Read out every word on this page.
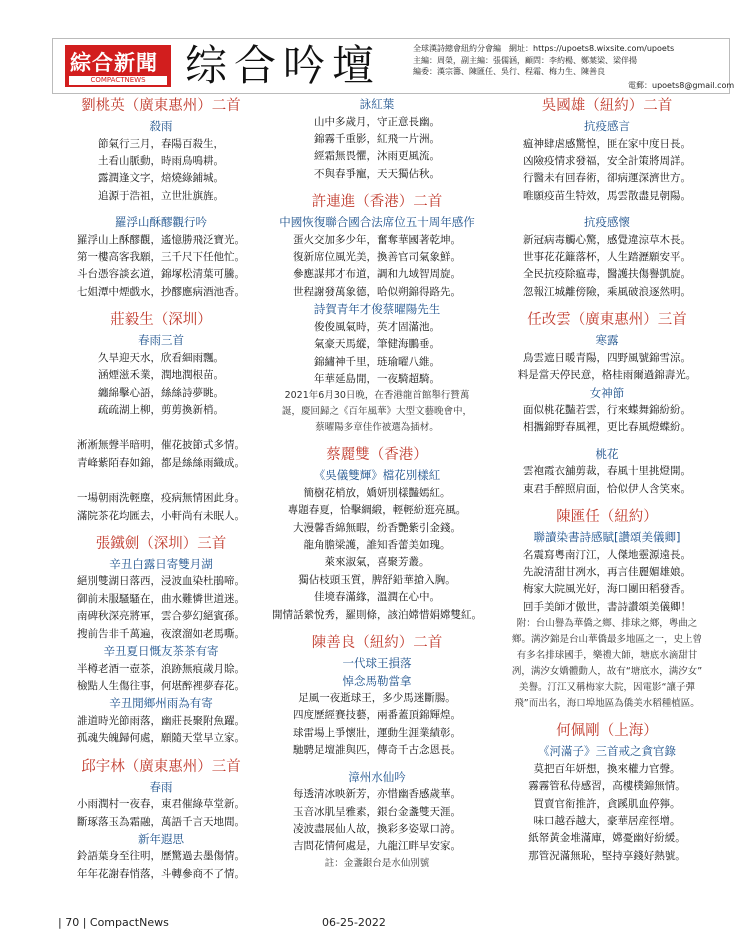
綜合新聞
COMPACTNEWS 综合吟壇	全球漢詩總會紐約分會編　網址：https://upoets8.wixsite.com/upoets
主編：周榮，副主編：張儒涵，顧問：李約楊、鄭葉梁、梁伴揚
編委：漢宗籌、陳匯任、吳行、程霜、梅力生、陳善良
電郵：upoets8@gmail.com
劉桃英（廣東惠州）二首
殺雨
節氣行三月，春陽百殺生，
土看山脈動，時雨鳥鳴耕。
露潤逢文字，焙燒綠鋪城。
追源于浩祖，立世壯旗旌。
羅浮山酥醪觀行吟
羅浮山上酥醪觀，遙憶勝飛泛寶光。
第一樓高客我願，三千尺下任他忙。
斗台憑容談玄道，錦塚松清葉可騰。
七姐潭中煙戲水，抄醪應病酒池香。
莊毅生（深圳）
春雨三首
久旱迎天水，欣看細雨飄。
涵煙滋禾業，潤地潤根苗。
纏綿擊心語，絲絲詩夢眺。
疏疏湖上柳，剪剪換新梢。
淅淅無聲半暗明，催花披節式多情。
青峰紫陌春如錦，都是絲絲雨織成。
一場朝雨洗輕塵，疫病無情困此身。
滿院茶花均匯去，小軒尚有未眠人。
張鐵劍（深圳）三首
辛丑白露日寄雙月湖
絕別雙湖日落西，浸波血染杜鵑啼。
御前未服騷騷在，曲水難憐世道迷。
南碑秋深亮將軍，雲合夢幻絕賓孫。
搜前告非千萬遍，夜滾溜如老馬嘶。
辛丑夏日慨友茶茶有寄
半樽老酒一壺茶，浪跡無痕歲月賒。
檢點人生傷往事，何堪醉裡夢春花。
辛丑閒鄉州雨為有寄
誰道時光節雨落，幽莊長聚附魚躍。
孤魂失魄歸何處，願隨天堂早立家。
邱宇林（廣東惠州）三首
春雨
小雨潤村一夜春，東君催綠草堂新。
斷琢落玉為霜融，萬語千言天地間。
新年遐思
鈴語葉身至往明，歷驚過去墨傷情。
年年花謝春悄落，斗轉參商不了情。
詠紅葉
山中多歲月，守正意長幽。
錦霧千重影，紅飛一片洲。
經霜無畏懼，沐雨更風流。
不與春爭寵，天天獨佔秋。
許連進（香港）二首
中國恢復聯合國合法席位五十周年感作
蛋火交加多少年，奮奪華國著乾坤。
復新席位風光美，換善官司氣象鮮。
參應謀邦才布道，調和九域智周旋。
世程謝發萬象德，哈似朔錦得路先。
詩賀青年才俊蔡曜陽先生
俊俊風氣時，英才固滿池。
氣豪天馬縱，筆健海鵬垂。
錦繡神千里，琏瑜曜八維。
年華延島閒，一夜騎超騎。
2021年6月30日晚，在香港龍首館舉行贊萬
誕，慶回歸之《百年風華》大型文藝晚會中，
蔡曜陽多章佳作被選為插材。
蔡麗雙（香港）
《吳儀雙輝》檔花別樣紅
簡樹花梢放，嬌妍別樣豔嫣紅。
專題春夏，恰擊綢緞，輕輕紛逛亮風。
大漫馨香綿無暇，纷香艷紫引金錢。
龍角膽梁護，誰知香蕾美如瑰。
萊來淑氣，喜聚芳叢。
獨佔枝頭玉質，脾舒鉛華搶入胸。
佳境春滿緣，溫潤在心中。
開情話縈悅秀，羅則條，該泊嫦惜娟嫦雙紅。
陳善良（紐約）二首
一代球王損落
悼念馬勒當拿
足風一夜逝球王，多少馬迷斷腸。
四度歷經賽技藝，兩番蓋頂錦輝煌。
球雷場上爭懷壯，運動生涯業績彰。
馳騁足壇誰與匹，傳奇千古念恩長。
漳州水仙吟
每透清冰映新芳，亦惜幽香感歲華。
玉音冰肌呈雅素，銀台金盞雙天涯。
凌波盡展仙人故，換彩多姿眾口誇。
吉問花情何處是，九龍江畔早安家。
註：金盞銀台是水仙別號
吳國雄（紐約）二首
抗疫感言
瘟神肆虐感驚惶，匪在家中度日長。
凶險疫情求發福，安全計策將周詳。
行醫未有回春術，卻病運深濟世方。
唯願疫苗生特效，馬雲散盡見朝陽。
抗疫感懷
新冠病毒觸心驚，感覺違涼草木長。
世事花花籬落杯，人生踏瀝願安平。
全民抗疫除瘟毒，醫護扶傷譽凱旋。
忽報江城離傍險，乘風破浪逐然明。
任改雲（廣東惠州）三首
寒露
鳥雲遮日暖青陽，四野風號錦雪涼。
料是當天停民意，格桂雨爾過錦壽光。
女神節
面似桃花豔若雲，行來蝶舞錦紛紛。
相攜錦野春風裡，更比春風燈蝶紛。
桃花
雲袍霞衣舖剪裁，春風十里挑燈開。
東君手醉照肩面，恰似伊人含笑來。
陳匯任（紐約）
聯讀染書詩感賦[讚頌美儀卿]
名震寫粵南汀江，人傑地靈源遠長。
先說清甜甘冽水，再言佳麗媚雄娘。
梅家大院風光好，海口團田稻發香。
回手美師才傲世，書詩讚頌美儀卿！
附：台山譽為華僑之鄉、排球之鄉，粵曲之
鄉。满汐錦是台山華僑最多地區之一，史上曾
有多名排球國手，樂禮大師，塘底水滴甜甘
冽，满汐女嬌體動人，故有“塘底水，满汐女”
美譽。汀江又稱梅家大院，因電影“讓子彈
飛”而出名，海口埠地區為僑美水稻種植區。
何佩剛（上海）
《河滿子》三首戒之貪官錄
莫把百年妍想，換來權力官聲。
霧霧管私侍感習，高樓樸錦無情。
買賣官衔推許，貪蹊肌血停獰。
味口越吞越大，豪華居産徑增。
紙帑黃金堆滿庫，嫦憂幽好紛緩。
那管況滿無恥，堅持享錢好熱號。
| 70 | CompactNews	06-25-2022
